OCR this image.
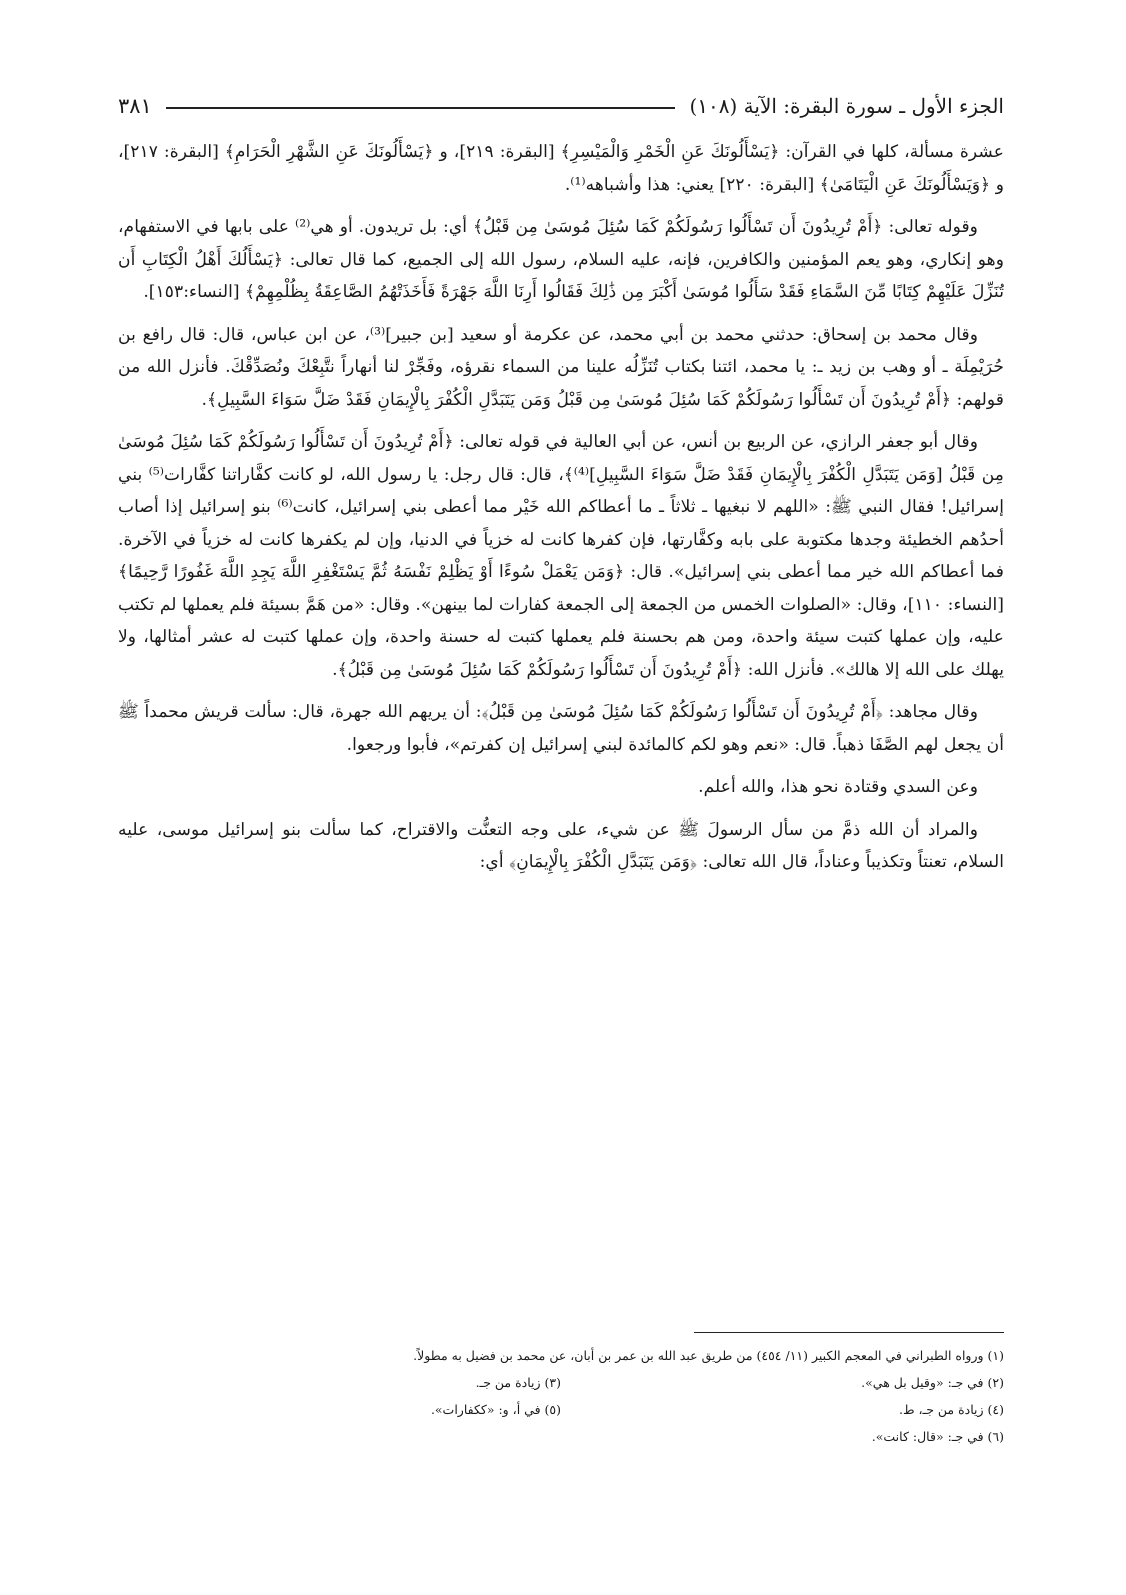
الجزء الأول ـ سورة البقرة: الآية (١٠٨)
٣٨١

عشرة مسألة، كلها في القرآن: ﴿يَسْأَلُونَكَ عَنِ الْخَمْرِ وَالْمَيْسِرِ﴾ [البقرة: ٢١٩]، و ﴿يَسْأَلُونَكَ عَنِ الشَّهْرِ الْحَرَامِ﴾ [البقرة: ٢١٧]، و ﴿وَيَسْأَلُونَكَ عَنِ الْيَتَامَىٰ﴾ [البقرة: ٢٢٠] يعني: هذا وأشباهه⁽¹⁾.

وقوله تعالى: ﴿أَمْ تُرِيدُونَ أَن تَسْأَلُوا رَسُولَكُمْ كَمَا سُئِلَ مُوسَىٰ مِن قَبْلُ﴾ أي: بل تريدون. أو هي⁽²⁾ على بابها في الاستفهام، وهو إنكاري، وهو يعم المؤمنين والكافرين، فإنه، عليه السلام، رسول الله إلى الجميع، كما قال تعالى: ﴿يَسْأَلُكَ أَهْلُ الْكِتَابِ أَن تُنَزِّلَ عَلَيْهِمْ كِتَابًا مِّنَ السَّمَاءِ فَقَدْ سَأَلُوا مُوسَىٰ أَكْبَرَ مِن ذَٰلِكَ فَقَالُوا أَرِنَا اللَّهَ جَهْرَةً فَأَخَذَتْهُمُ الصَّاعِقَةُ بِظُلْمِهِمْ﴾ [النساء:١٥٣].

وقال محمد بن إسحاق: حدثني محمد بن أبي محمد، عن عكرمة أو سعيد [بن جبير]⁽³⁾، عن ابن عباس، قال: قال رافع بن حُرَيْمِلَة ـ أو وهب بن زيد ـ: يا محمد، ائتنا بكتاب تُنَزِّلُه علينا من السماء نقرؤه، وفَجِّرْ لنا أنهاراً نتَّبِعْكَ ونُصَدِّقْكَ. فأنزل الله من قولهم: ﴿أَمْ تُرِيدُونَ أَن تَسْأَلُوا رَسُولَكُمْ كَمَا سُئِلَ مُوسَىٰ مِن قَبْلُ وَمَن يَتَبَدَّلِ الْكُفْرَ بِالْإِيمَانِ فَقَدْ ضَلَّ سَوَاءَ السَّبِيلِ﴾.

وقال أبو جعفر الرازي، عن الربيع بن أنس، عن أبي العالية في قوله تعالى: ﴿أَمْ تُرِيدُونَ أَن تَسْأَلُوا رَسُولَكُمْ كَمَا سُئِلَ مُوسَىٰ مِن قَبْلُ [وَمَن يَتَبَدَّلِ الْكُفْرَ بِالْإِيمَانِ فَقَدْ ضَلَّ سَوَاءَ السَّبِيلِ]⁽⁴⁾﴾، قال: قال رجل: يا رسول الله، لو كانت كفَّاراتنا كفَّارات⁽⁵⁾ بني إسرائيل! فقال النبي ﷺ: «اللهم لا نبغيها ـ ثلاثاً ـ ما أعطاكم الله خَيْر مما أعطى بني إسرائيل، كانت⁽⁶⁾ بنو إسرائيل إذا أصاب أحدُهم الخطيئة وجدها مكتوبة على بابه وكفَّارتها، فإن كفرها كانت له خزياً في الدنيا، وإن لم يكفرها كانت له خزياً في الآخرة. فما أعطاكم الله خير مما أعطى بني إسرائيل». قال: ﴿وَمَن يَعْمَلْ سُوءًا أَوْ يَظْلِمْ نَفْسَهُ ثُمَّ يَسْتَغْفِرِ اللَّهَ يَجِدِ اللَّهَ غَفُورًا رَّحِيمًا﴾ [النساء: ١١٠]، وقال: «الصلوات الخمس من الجمعة إلى الجمعة كفارات لما بينهن». وقال: «من هَمَّ بسيئة فلم يعملها لم تكتب عليه، وإن عملها كتبت سيئة واحدة، ومن هم بحسنة فلم يعملها كتبت له حسنة واحدة، وإن عملها كتبت له عشر أمثالها، ولا يهلك على الله إلا هالك». فأنزل الله: ﴿أَمْ تُرِيدُونَ أَن تَسْأَلُوا رَسُولَكُمْ كَمَا سُئِلَ مُوسَىٰ مِن قَبْلُ﴾.

وقال مجاهد: ﴿أَمْ تُرِيدُونَ أَن تَسْأَلُوا رَسُولَكُمْ كَمَا سُئِلَ مُوسَىٰ مِن قَبْلُ﴾: أن يريهم الله جهرة، قال: سألت قريش محمداً ﷺ أن يجعل لهم الصَّفَا ذهباً. قال: «نعم وهو لكم كالمائدة لبني إسرائيل إن كفرتم»، فأبوا ورجعوا.

وعن السدي وقتادة نحو هذا، والله أعلم.

والمراد أن الله ذمَّ من سأل الرسولَ ﷺ عن شيء، على وجه التعنُّت والاقتراح، كما سألت بنو إسرائيل موسى، عليه السلام، تعنتاً وتكذيباً وعناداً، قال الله تعالى: ﴿وَمَن يَتَبَدَّلِ الْكُفْرَ بِالْإِيمَانِ﴾ أي:

(١) ورواه الطبراني في المعجم الكبير (١١/ ٤٥٤) من طريق عبد الله بن عمر بن أبان، عن محمد بن فضيل به مطولاً.
(٢) في جـ: «وقيل بل هي».
(٣) زيادة من جـ.
(٤) زيادة من جـ، ط.
(٥) في أ، و: «ككفارات».
(٦) في جـ: «قال: كانت».
